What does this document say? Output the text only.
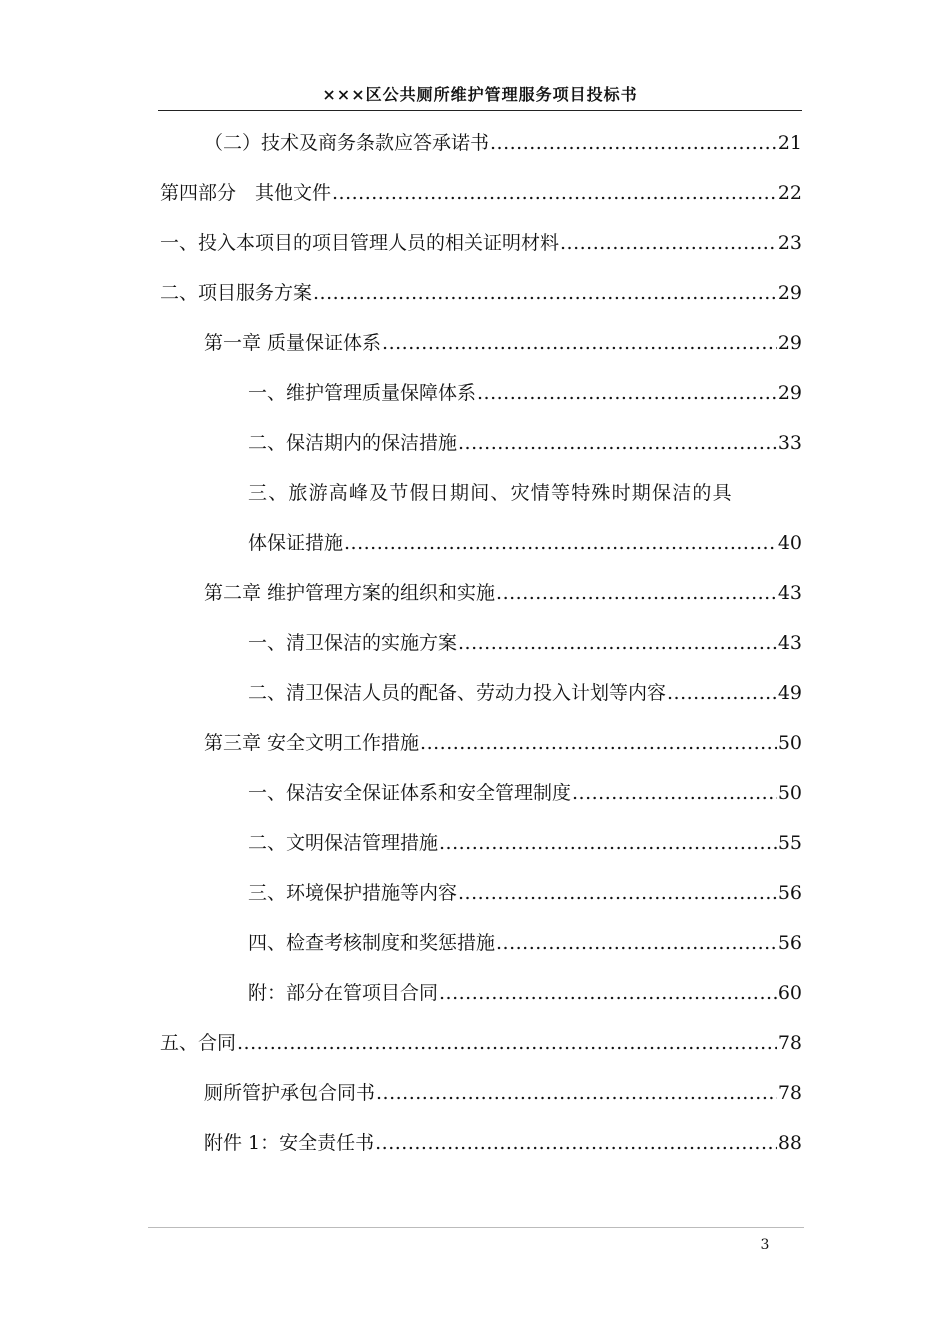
×××区公共厕所维护管理服务项目投标书
（二）技术及商务条款应答承诺书 .....	21
第四部分　其他文件 .....	22
一、投入本项目的项目管理人员的相关证明材料 .....	23
二、项目服务方案 .....	29
第一章 质量保证体系 .....	29
一、维护管理质量保障体系 .....	29
二、保洁期内的保洁措施 .....	33
三、旅游高峰及节假日期间、灾情等特殊时期保洁的具
体保证措施 .....	40
第二章 维护管理方案的组织和实施 .....	43
一、清卫保洁的实施方案 .....	43
二、清卫保洁人员的配备、劳动力投入计划等内容 .....	49
第三章 安全文明工作措施 .....	50
一、保洁安全保证体系和安全管理制度 .....	50
二、文明保洁管理措施 .....	55
三、环境保护措施等内容 .....	56
四、检查考核制度和奖惩措施 .....	56
附：部分在管项目合同 .....	60
五、合同 .....	78
厕所管护承包合同书 .....	78
附件 1：安全责任书 .....	88
3
